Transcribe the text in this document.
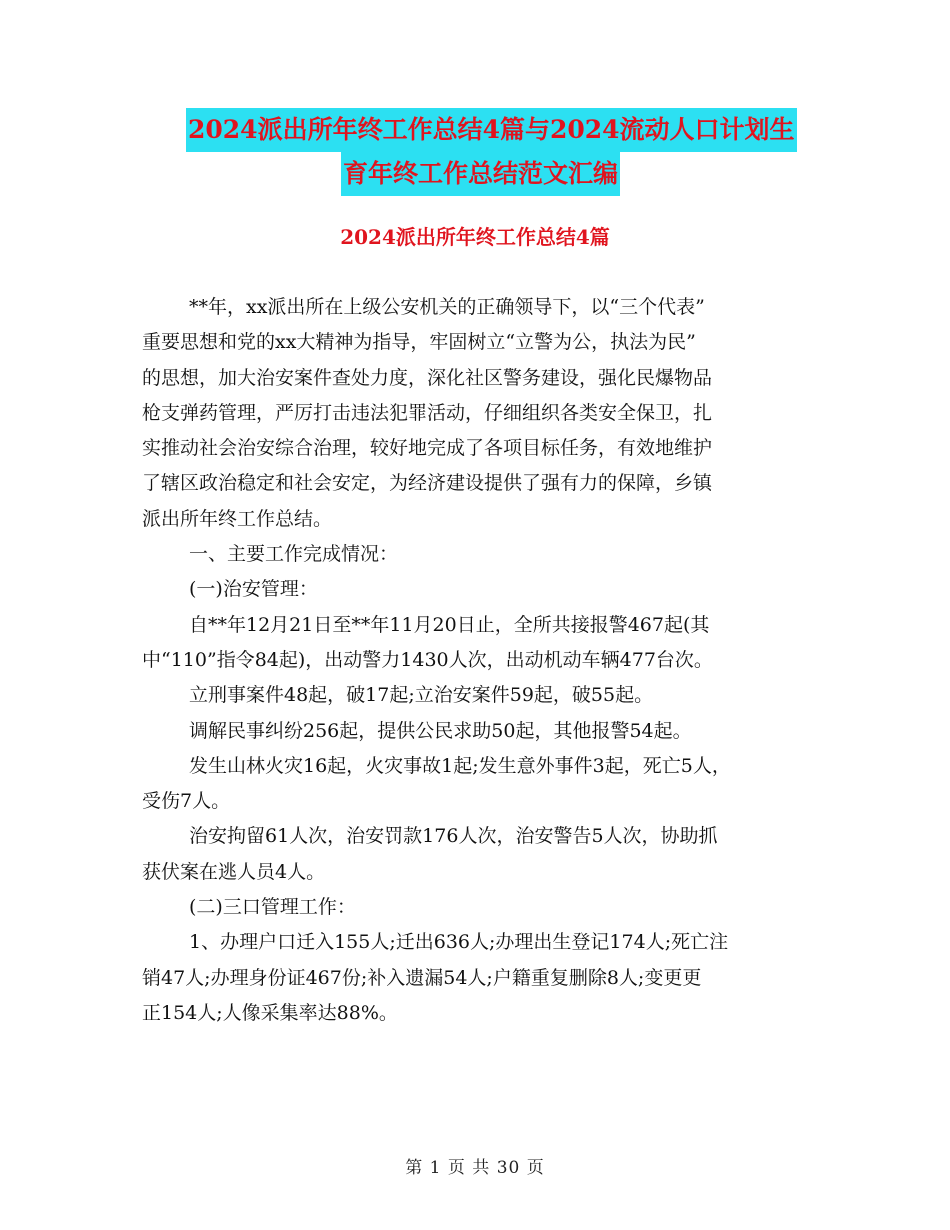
2024派出所年终工作总结4篇与2024流动人口计划生
育年终工作总结范文汇编
2024派出所年终工作总结4篇
**年，xx派出所在上级公安机关的正确领导下，以“三个代表”
重要思想和党的xx大精神为指导，牢固树立“立警为公，执法为民”
的思想，加大治安案件查处力度，深化社区警务建设，强化民爆物品
枪支弹药管理，严厉打击违法犯罪活动，仔细组织各类安全保卫，扎
实推动社会治安综合治理，较好地完成了各项目标任务，有效地维护
了辖区政治稳定和社会安定，为经济建设提供了强有力的保障，乡镇
派出所年终工作总结。
一、主要工作完成情况：
(一)治安管理：
自**年12月21日至**年11月20日止，全所共接报警467起(其
中“110”指令84起)，出动警力1430人次，出动机动车辆477台次。
立刑事案件48起，破17起;立治安案件59起，破55起。
调解民事纠纷256起，提供公民求助50起，其他报警54起。
发生山林火灾16起，火灾事故1起;发生意外事件3起，死亡5人，
受伤7人。
治安拘留61人次，治安罚款176人次，治安警告5人次，协助抓
获伏案在逃人员4人。
(二)三口管理工作：
1、办理户口迁入155人;迁出636人;办理出生登记174人;死亡注
销47人;办理身份证467份;补入遗漏54人;户籍重复删除8人;变更更
正154人;人像采集率达88%。
第 1 页 共 30 页
